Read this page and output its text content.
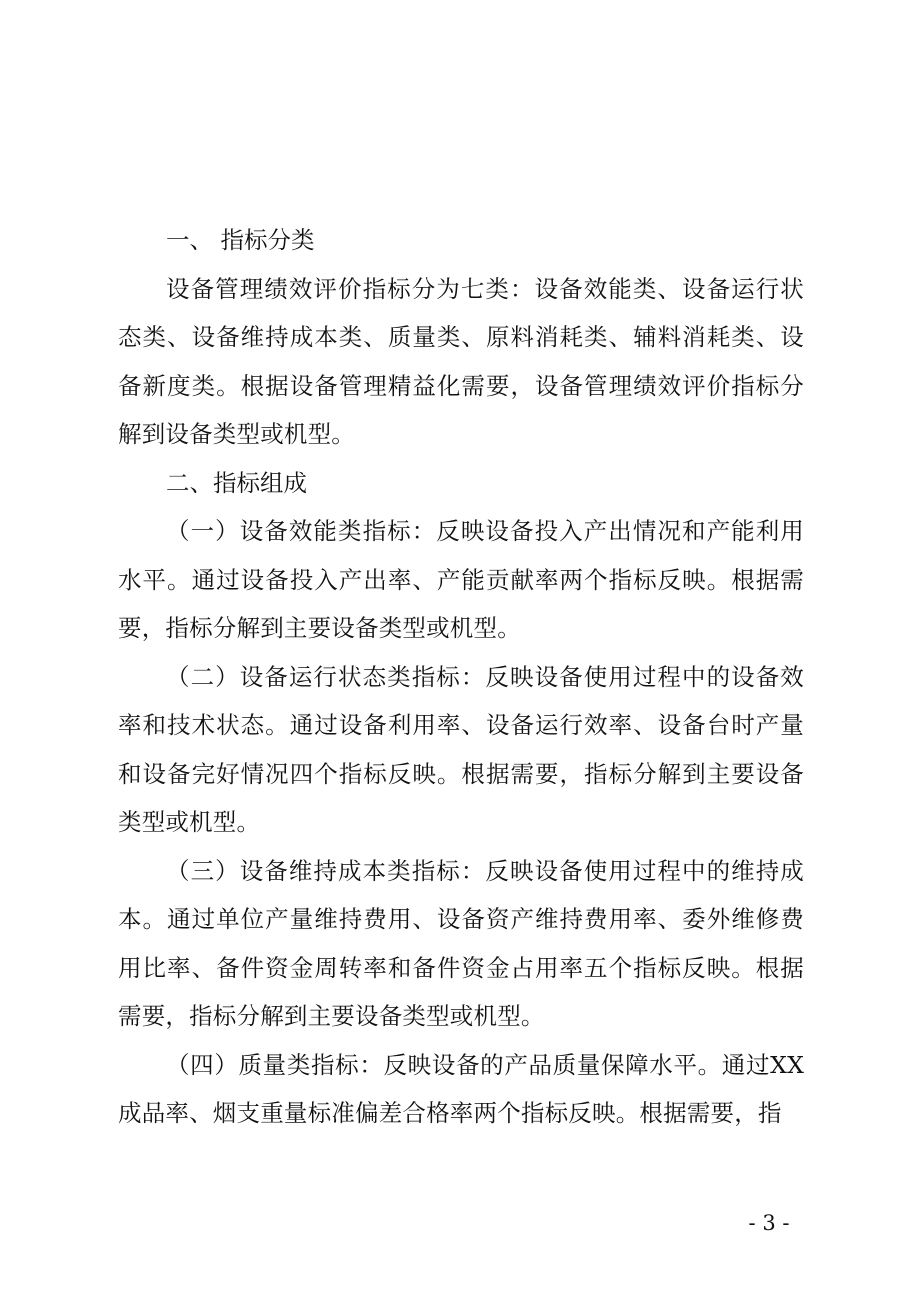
一、 指标分类

设备管理绩效评价指标分为七类：设备效能类、设备运行状态类、设备维持成本类、质量类、原料消耗类、辅料消耗类、设备新度类。根据设备管理精益化需要，设备管理绩效评价指标分解到设备类型或机型。

二、指标组成

（一）设备效能类指标：反映设备投入产出情况和产能利用水平。通过设备投入产出率、产能贡献率两个指标反映。根据需要，指标分解到主要设备类型或机型。

（二）设备运行状态类指标：反映设备使用过程中的设备效率和技术状态。通过设备利用率、设备运行效率、设备台时产量和设备完好情况四个指标反映。根据需要，指标分解到主要设备类型或机型。

（三）设备维持成本类指标：反映设备使用过程中的维持成本。通过单位产量维持费用、设备资产维持费用率、委外维修费用比率、备件资金周转率和备件资金占用率五个指标反映。根据需要，指标分解到主要设备类型或机型。

（四）质量类指标：反映设备的产品质量保障水平。通过XX成品率、烟支重量标准偏差合格率两个指标反映。根据需要，指

- 3 -
